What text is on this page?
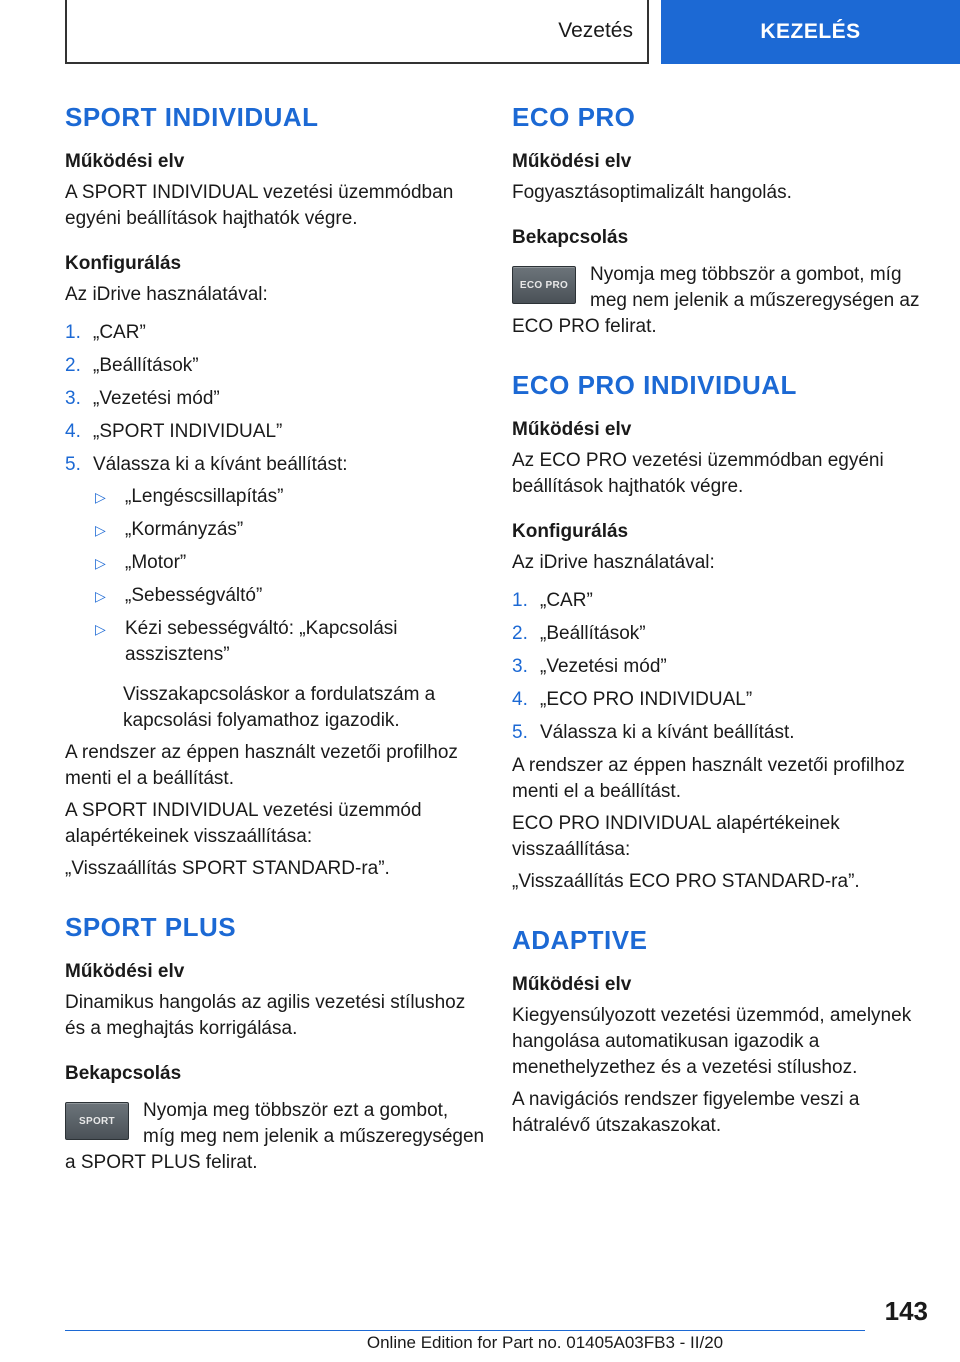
Vezetés	KEZELÉS
SPORT INDIVIDUAL
Működési elv

A SPORT INDIVIDUAL vezetési üzemmódban egyéni beállítások hajthatók végre.

Konfigurálás

Az iDrive használatával:

1. „CAR”
2. „Beállítások”
3. „Vezetési mód”
4. „SPORT INDIVIDUAL”
5. Válassza ki a kívánt beállítást:
▷	„Lengéscsillapítás”
▷	„Kormányzás”
▷	„Motor”
▷	„Sebességváltó”
▷	Kézi sebességváltó: „Kapcsolási asszisztens”

Visszakapcsoláskor a fordulatszám a kapcsolási folyamathoz igazodik.

A rendszer az éppen használt vezetői profilhoz menti el a beállítást.

A SPORT INDIVIDUAL vezetési üzemmód alapértékeinek visszaállítása:

„Visszaállítás SPORT STANDARD-ra”.

SPORT PLUS
Működési elv

Dinamikus hangolás az agilis vezetési stílushoz és a meghajtás korrigálása.

Bekapcsolás
SPORT	Nyomja meg többször ezt a gombot, míg meg nem jelenik a műszeregységen a SPORT PLUS felirat.

ECO PRO
Működési elv

Fogyasztásoptimalizált hangolás.

Bekapcsolás
ECO PRO	Nyomja meg többször a gombot, míg meg nem jelenik a műszeregységen az ECO PRO felirat.

ECO PRO INDIVIDUAL
Működési elv

Az ECO PRO vezetési üzemmódban egyéni beállítások hajthatók végre.

Konfigurálás

Az iDrive használatával:

1. „CAR”
2. „Beállítások”
3. „Vezetési mód”
4. „ECO PRO INDIVIDUAL”
5. Válassza ki a kívánt beállítást.

A rendszer az éppen használt vezetői profilhoz menti el a beállítást.

ECO PRO INDIVIDUAL alapértékeinek visszaállítása:

„Visszaállítás ECO PRO STANDARD-ra”.

ADAPTIVE
Működési elv

Kiegyensúlyozott vezetési üzemmód, amelynek hangolása automatikusan igazodik a menethelyzethez és a vezetési stílushoz.

A navigációs rendszer figyelembe veszi a hátralévő útszakaszokat.

143
Online Edition for Part no. 01405A03FB3 - II/20
